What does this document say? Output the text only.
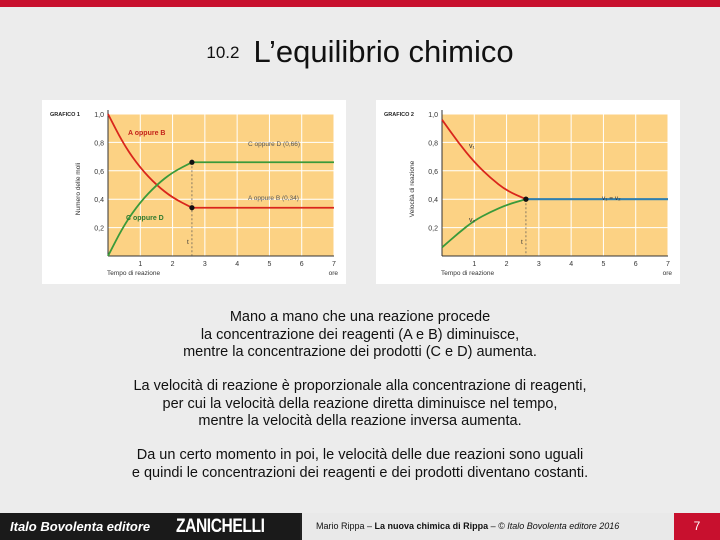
10.2 L’equilibrio chimico
GRAFICO 1 1,0
0,8
0,6
0,4
0,2
1	2	3	4	5	6	7
ore
Tempo di reazione
Numero delle moli
t
A oppure B
C oppure D
C oppure D (0,66)
A oppure B (0,34)
GRAFICO 2 1,0
0,8
0,6
0,4
0,2
1	2	3	4	5	6	7
ore
Tempo di reazione
Velocità di reazione
t
v₁
v₂
v₁ = v₂
Mano a mano che una reazione procede
la concentrazione dei reagenti (A e B) diminuisce,
mentre la concentrazione dei prodotti (C e D) aumenta.
La velocità di reazione è proporzionale alla concentrazione di reagenti,
per cui la velocità della reazione diretta diminuisce nel tempo,
mentre la velocità della reazione inversa aumenta.
Da un certo momento in poi, le velocità delle due reazioni sono uguali
e quindi le concentrazioni dei reagenti e dei prodotti diventano costanti.
Italo Bovolenta editore ZANICHELLI	Mario Rippa – La nuova chimica di Rippa – © Italo Bovolenta editore 2016	7
